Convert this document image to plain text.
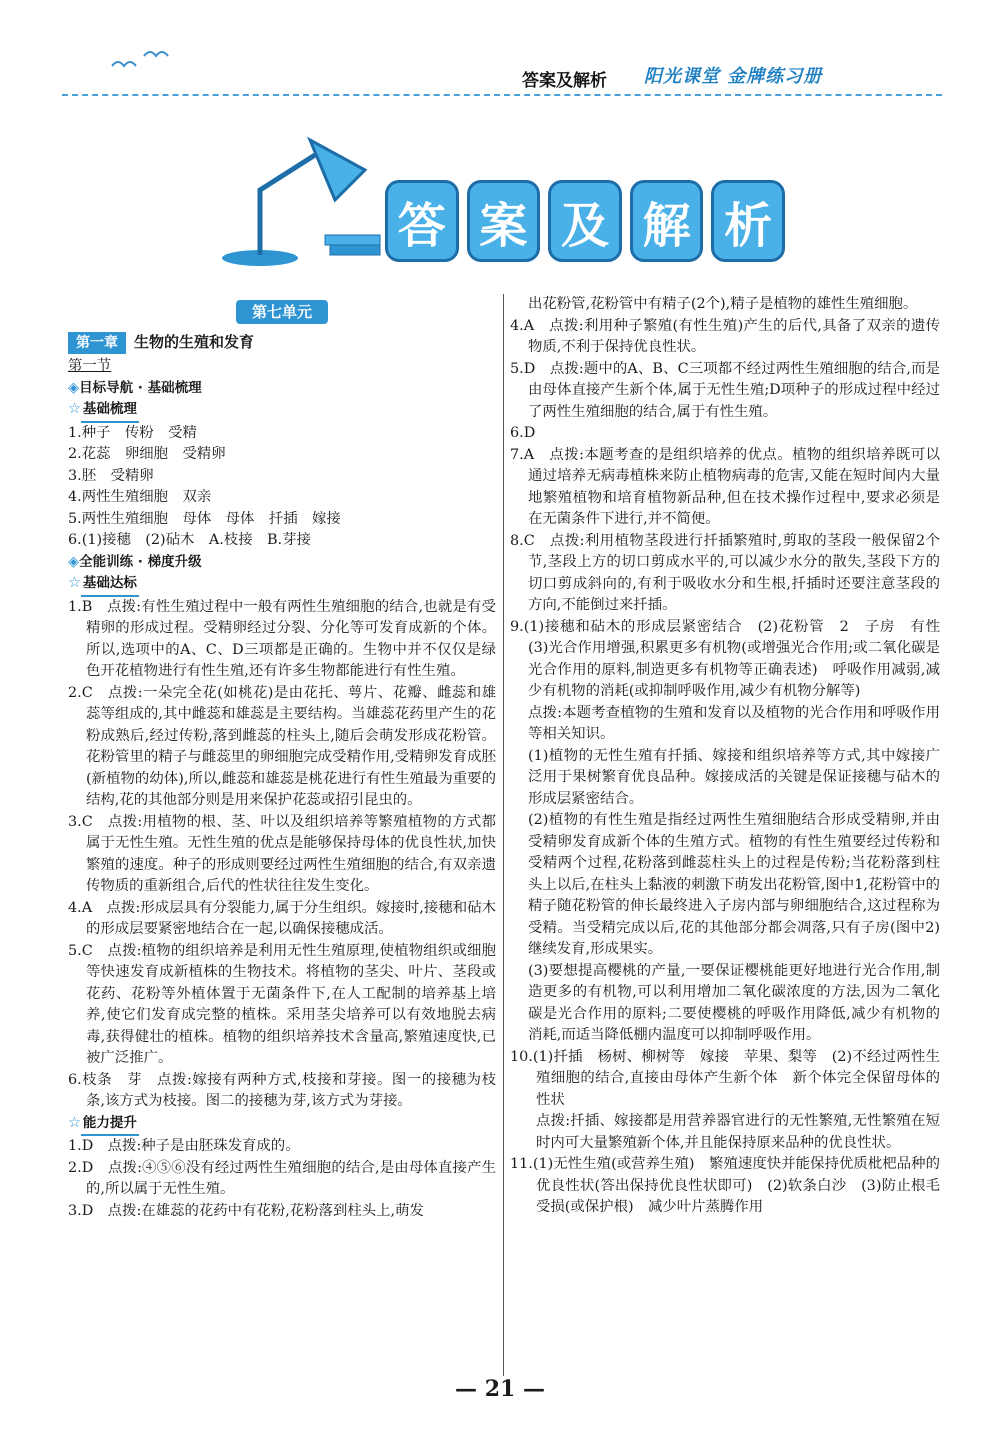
答案及解析 阳光课堂 金牌练习册
答 案 及 解 析
第七单元
第一章	生物的生殖和发育

第一节

◈目标导航 · 基础梳理

☆ 基础梳理

1.种子　传粉　受精

2.花蕊　卵细胞　受精卵

3.胚　受精卵

4.两性生殖细胞　双亲

5.两性生殖细胞　母体　母体　扦插　嫁接

6.(1)接穗　(2)砧木　A.枝接　B.芽接

◈全能训练 · 梯度升级

☆ 基础达标

1.B　点拨:有性生殖过程中一般有两性生殖细胞的结合,也就是有受精卵的形成过程。受精卵经过分裂、分化等可发育成新的个体。所以,选项中的A、C、D三项都是正确的。生物中并不仅仅是绿色开花植物进行有性生殖,还有许多生物都能进行有性生殖。

2.C　点拨:一朵完全花(如桃花)是由花托、萼片、花瓣、雌蕊和雄蕊等组成的,其中雌蕊和雄蕊是主要结构。当雄蕊花药里产生的花粉成熟后,经过传粉,落到雌蕊的柱头上,随后会萌发形成花粉管。花粉管里的精子与雌蕊里的卵细胞完成受精作用,受精卵发育成胚(新植物的幼体),所以,雌蕊和雄蕊是桃花进行有性生殖最为重要的结构,花的其他部分则是用来保护花蕊或招引昆虫的。

3.C　点拨:用植物的根、茎、叶以及组织培养等繁殖植物的方式都属于无性生殖。无性生殖的优点是能够保持母体的优良性状,加快繁殖的速度。种子的形成则要经过两性生殖细胞的结合,有双亲遗传物质的重新组合,后代的性状往往发生变化。

4.A　点拨:形成层具有分裂能力,属于分生组织。嫁接时,接穗和砧木的形成层要紧密地结合在一起,以确保接穗成活。

5.C　点拨:植物的组织培养是利用无性生殖原理,使植物组织或细胞等快速发育成新植株的生物技术。将植物的茎尖、叶片、茎段或花药、花粉等外植体置于无菌条件下,在人工配制的培养基上培养,使它们发育成完整的植株。采用茎尖培养可以有效地脱去病毒,获得健壮的植株。植物的组织培养技术含量高,繁殖速度快,已被广泛推广。

6.枝条　芽　点拨:嫁接有两种方式,枝接和芽接。图一的接穗为枝条,该方式为枝接。图二的接穗为芽,该方式为芽接。

☆ 能力提升

1.D　点拨:种子是由胚珠发育成的。

2.D　点拨:④⑤⑥没有经过两性生殖细胞的结合,是由母体直接产生的,所以属于无性生殖。

3.D　点拨:在雄蕊的花药中有花粉,花粉落到柱头上,萌发

出花粉管,花粉管中有精子(2个),精子是植物的雄性生殖细胞。

4.A　点拨:利用种子繁殖(有性生殖)产生的后代,具备了双亲的遗传物质,不利于保持优良性状。

5.D　点拨:题中的A、B、C三项都不经过两性生殖细胞的结合,而是由母体直接产生新个体,属于无性生殖;D项种子的形成过程中经过了两性生殖细胞的结合,属于有性生殖。

6.D

7.A　点拨:本题考查的是组织培养的优点。植物的组织培养既可以通过培养无病毒植株来防止植物病毒的危害,又能在短时间内大量地繁殖植物和培育植物新品种,但在技术操作过程中,要求必须是在无菌条件下进行,并不简便。

8.C　点拨:利用植物茎段进行扦插繁殖时,剪取的茎段一般保留2个节,茎段上方的切口剪成水平的,可以减少水分的散失,茎段下方的切口剪成斜向的,有利于吸收水分和生根,扦插时还要注意茎段的方向,不能倒过来扦插。

9.(1)接穗和砧木的形成层紧密结合　(2)花粉管　2　子房　有性　(3)光合作用增强,积累更多有机物(或增强光合作用;或二氧化碳是光合作用的原料,制造更多有机物等正确表述)　呼吸作用减弱,减少有机物的消耗(或抑制呼吸作用,减少有机物分解等)

点拨:本题考查植物的生殖和发育以及植物的光合作用和呼吸作用等相关知识。

(1)植物的无性生殖有扦插、嫁接和组织培养等方式,其中嫁接广泛用于果树繁育优良品种。嫁接成活的关键是保证接穗与砧木的形成层紧密结合。

(2)植物的有性生殖是指经过两性生殖细胞结合形成受精卵,并由受精卵发育成新个体的生殖方式。植物的有性生殖要经过传粉和受精两个过程,花粉落到雌蕊柱头上的过程是传粉;当花粉落到柱头上以后,在柱头上黏液的刺激下萌发出花粉管,图中1,花粉管中的精子随花粉管的伸长最终进入子房内部与卵细胞结合,这过程称为受精。当受精完成以后,花的其他部分都会凋落,只有子房(图中2)继续发育,形成果实。

(3)要想提高樱桃的产量,一要保证樱桃能更好地进行光合作用,制造更多的有机物,可以利用增加二氧化碳浓度的方法,因为二氧化碳是光合作用的原料;二要使樱桃的呼吸作用降低,减少有机物的消耗,而适当降低棚内温度可以抑制呼吸作用。

10.(1)扦插　杨树、柳树等　嫁接　苹果、梨等　(2)不经过两性生殖细胞的结合,直接由母体产生新个体　新个体完全保留母体的性状

点拨:扦插、嫁接都是用营养器官进行的无性繁殖,无性繁殖在短时内可大量繁殖新个体,并且能保持原来品种的优良性状。

11.(1)无性生殖(或营养生殖)　繁殖速度快并能保持优质枇杷品种的优良性状(答出保持优良性状即可)　(2)软条白沙　(3)防止根毛受损(或保护根)　减少叶片蒸腾作用

— 21 —
